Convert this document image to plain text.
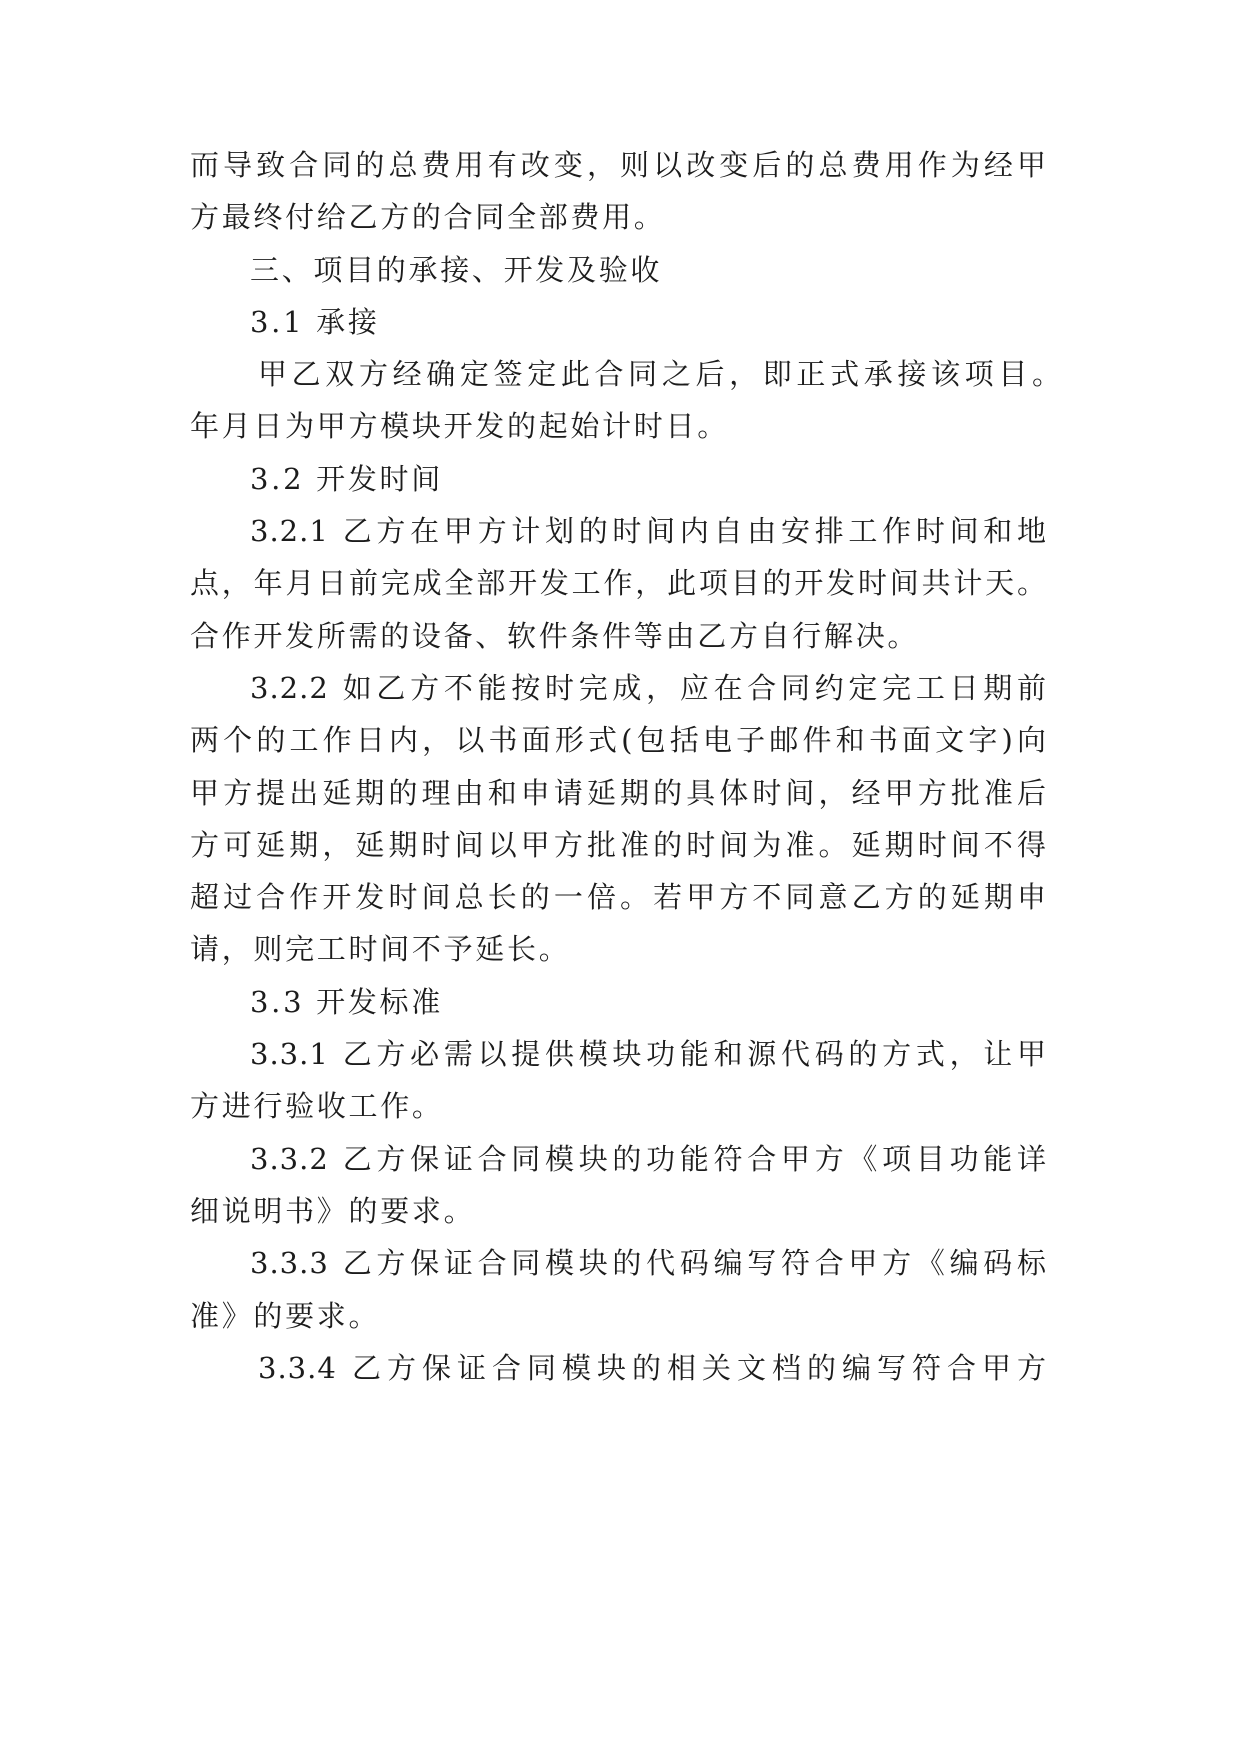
而导致合同的总费用有改变，则以改变后的总费用作为经甲
方最终付给乙方的合同全部费用。
三、项目的承接、开发及验收
3.1 承接
甲乙双方经确定签定此合同之后，即正式承接该项目。
年月日为甲方模块开发的起始计时日。
3.2 开发时间
3.2.1 乙方在甲方计划的时间内自由安排工作时间和地
点，年月日前完成全部开发工作，此项目的开发时间共计天。
合作开发所需的设备、软件条件等由乙方自行解决。
3.2.2 如乙方不能按时完成，应在合同约定完工日期前
两个的工作日内，以书面形式(包括电子邮件和书面文字)向
甲方提出延期的理由和申请延期的具体时间，经甲方批准后
方可延期，延期时间以甲方批准的时间为准。延期时间不得
超过合作开发时间总长的一倍。若甲方不同意乙方的延期申
请，则完工时间不予延长。
3.3 开发标准
3.3.1 乙方必需以提供模块功能和源代码的方式，让甲
方进行验收工作。
3.3.2 乙方保证合同模块的功能符合甲方《项目功能详
细说明书》的要求。
3.3.3 乙方保证合同模块的代码编写符合甲方《编码标
准》的要求。
3.3.4 乙方保证合同模块的相关文档的编写符合甲方
